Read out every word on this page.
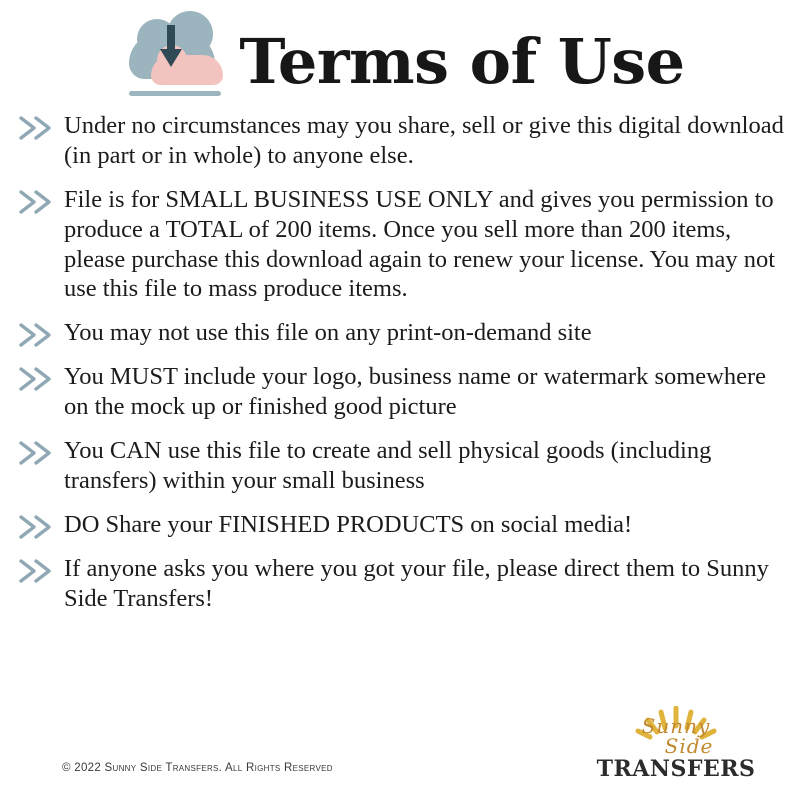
Terms of Use
Under no circumstances may you share, sell or give this digital download (in part or in whole) to anyone else.
File is for SMALL BUSINESS USE ONLY and gives you permission to produce a TOTAL of 200 items. Once you sell more than 200 items, please purchase this download again to renew your license. You may not use this file to mass produce items.
You may not use this file on any print-on-demand site
You MUST include your logo, business name or watermark somewhere on the mock up or finished good picture
You CAN use this file to create and sell physical goods (including transfers) within your small business
DO Share your FINISHED PRODUCTS on social media!
If anyone asks you where you got your file, please direct them to Sunny Side Transfers!
© 2022 Sunny Side Transfers. All Rights Reserved
Sunny
Side
TRANSFERS
